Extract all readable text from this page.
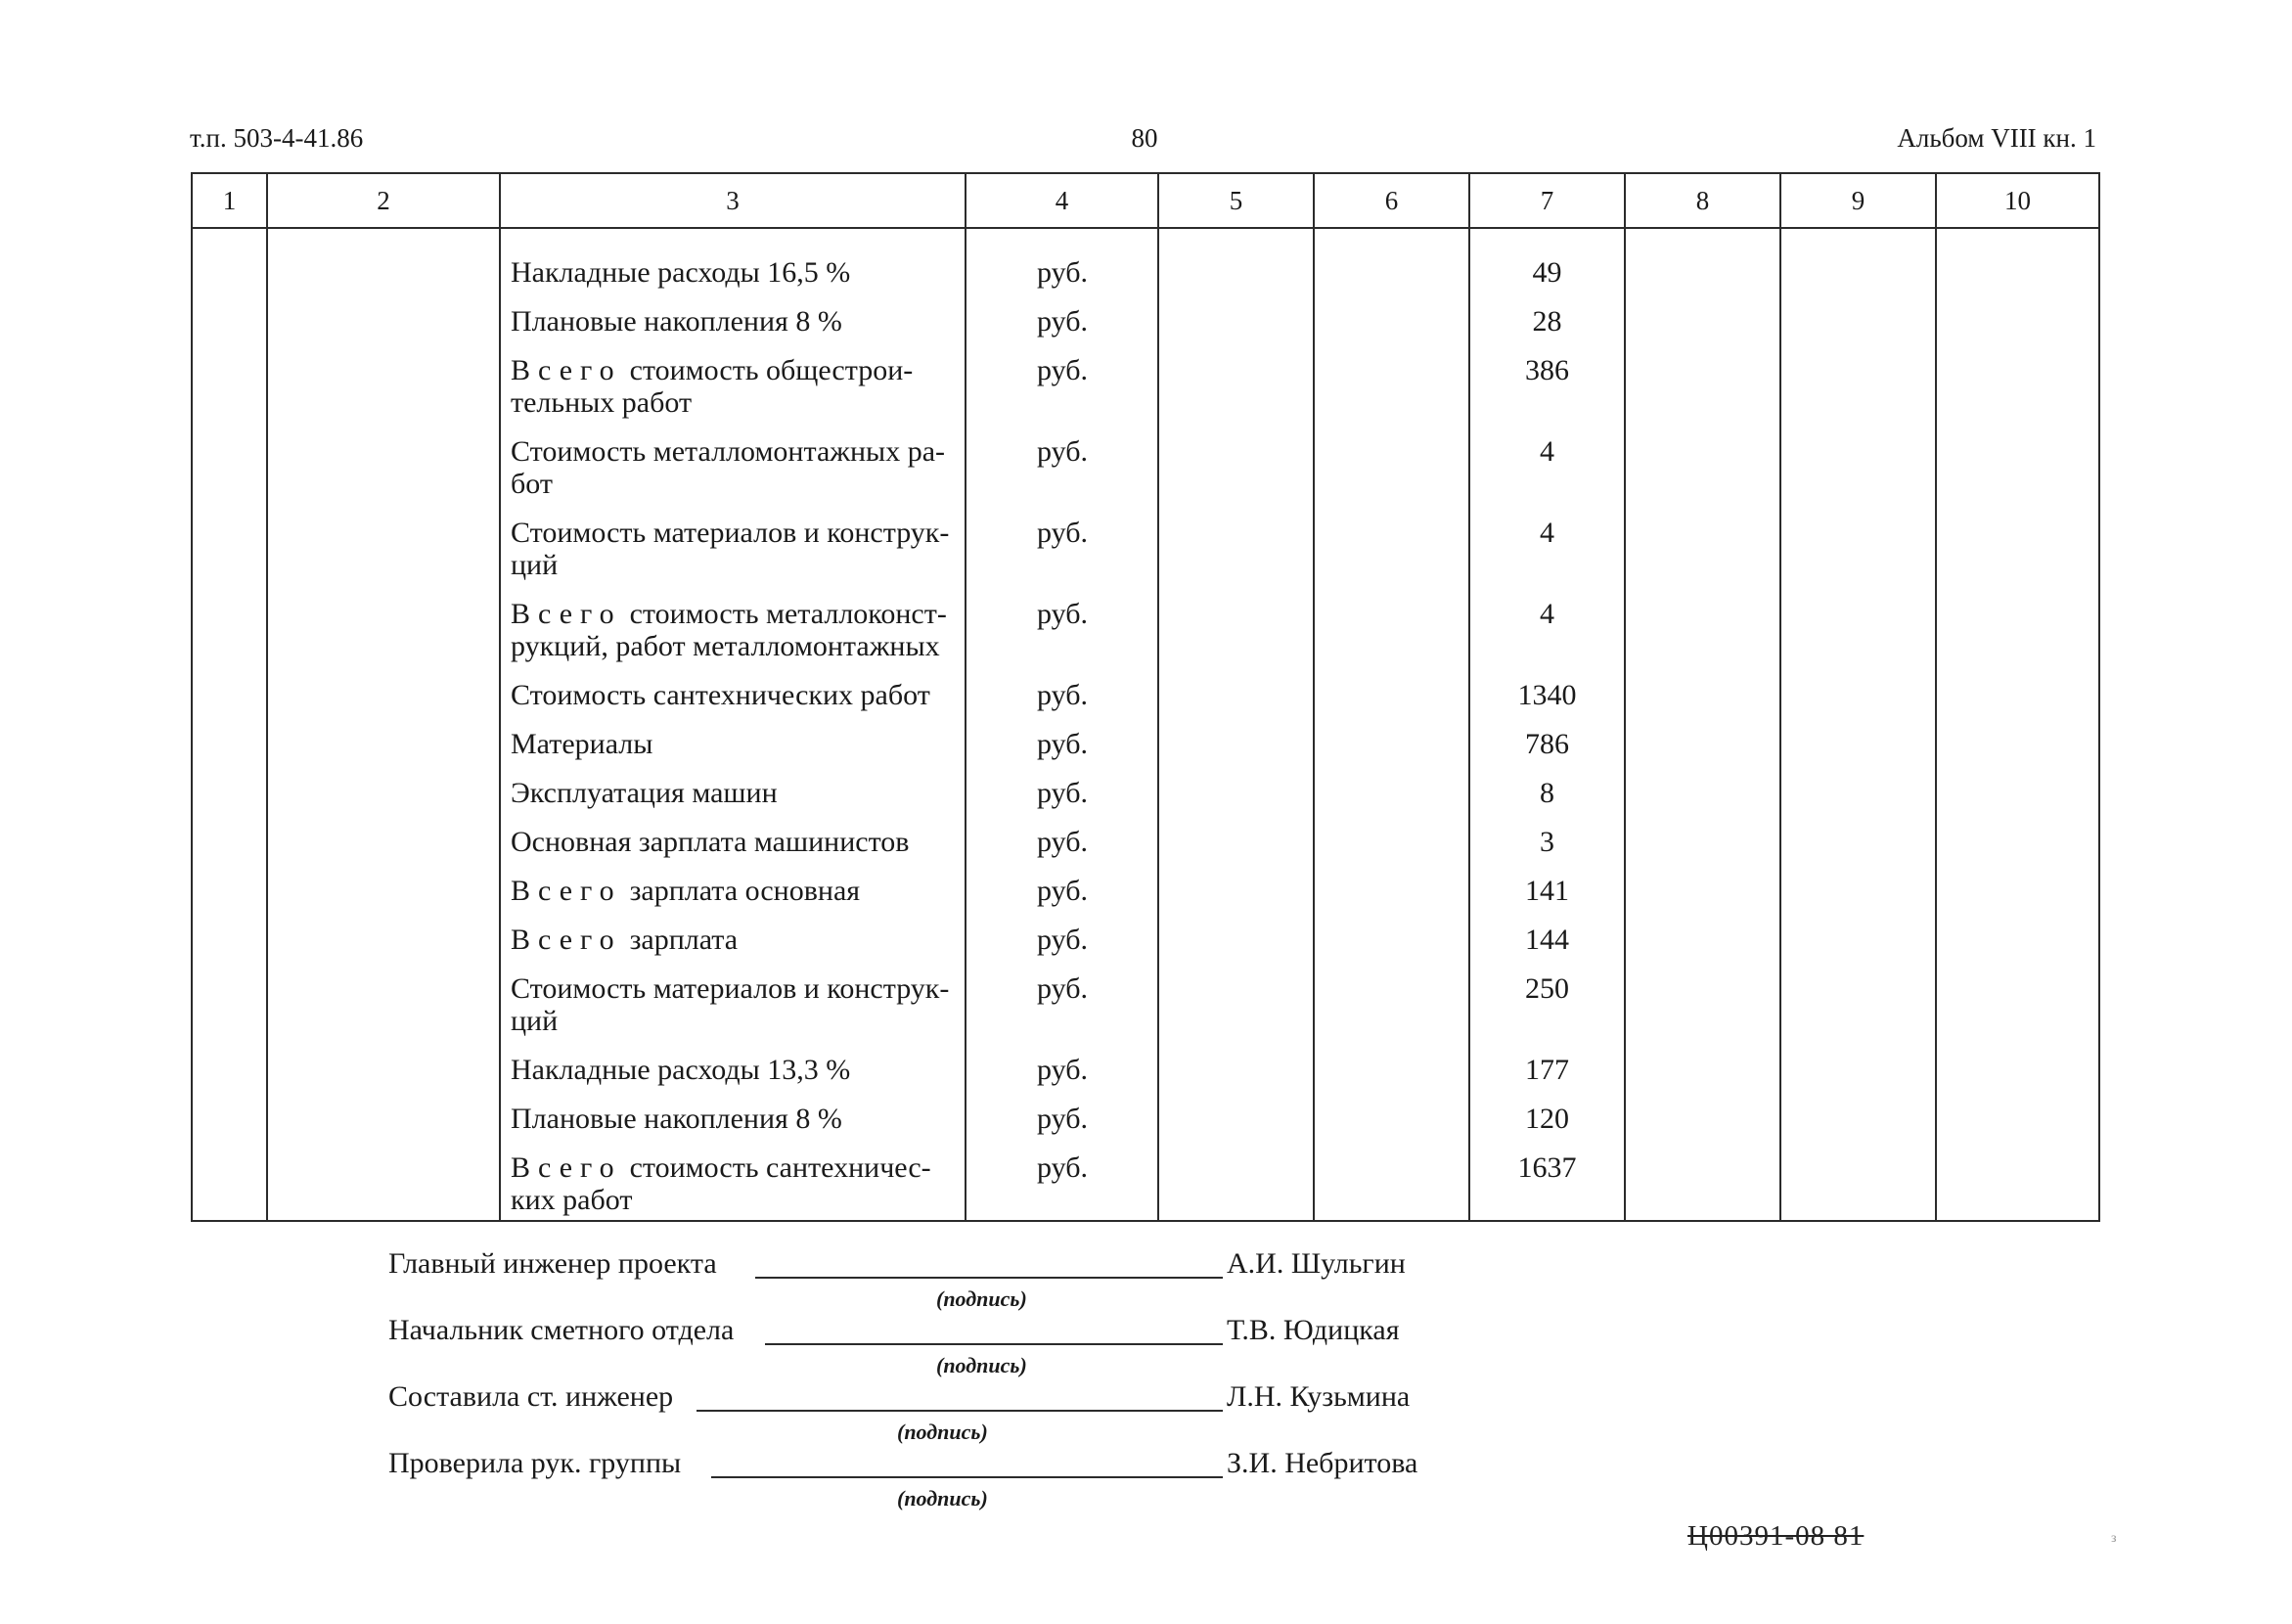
т.п. 503-4-41.86	80	Альбом VIII кн. 1
1	2	3	4	5	6	7	8	9	10

		Накладные расходы 16,5 %	руб.			49			
		Плановые накопления 8 %	руб.			28			
		Всего стоимость общестрои-тельных работ	руб.			386			
		Стоимость металломонтажных ра-бот	руб.			4			
		Стоимость материалов и конструк-ций	руб.			4			
		Всего стоимость металлоконст-рукций, работ металломонтажных	руб.			4			
		Стоимость сантехнических работ	руб.			1340			
		Материалы	руб.			786			
		Эксплуатация машин	руб.			8			
		Основная зарплата машинистов	руб.			3			
		Всего зарплата основная	руб.			141			
		Всего зарплата	руб.			144			
		Стоимость материалов и конструк-ций	руб.			250			
		Накладные расходы 13,3 %	руб.			177			
		Плановые накопления 8 %	руб.			120			
		Всего стоимость сантехничес-ких работ	руб.			1637			
Главный инженер проекта	А.И. Шульгин
(подпись)
Начальник сметного отдела	Т.В. Юдицкая
(подпись)
Составила ст. инженер	Л.Н. Кузьмина
(подпись)
Проверила рук. группы	З.И. Небритова
(подпись)
Ц00391-08 81	з
